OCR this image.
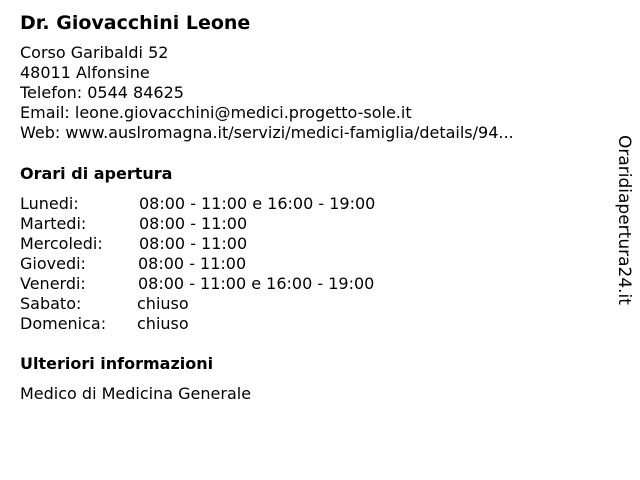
Dr. Giovacchini Leone
Corso Garibaldi 52
48011 Alfonsine
Telefon: 0544 84625
Email: leone.giovacchini@medici.progetto-sole.it
Web: www.auslromagna.it/servizi/medici-famiglia/details/94...
Orari di apertura
Lunedi:	08:00 - 11:00 e 16:00 - 19:00
Martedi:	08:00 - 11:00
Mercoledi: 08:00 - 11:00
Giovedi:	08:00 - 11:00
Venerdi:	08:00 - 11:00 e 16:00 - 19:00
Sabato:	chiuso
Domenica: chiuso
Ulteriori informazioni
Medico di Medicina Generale
Oraridiapertura24.it
